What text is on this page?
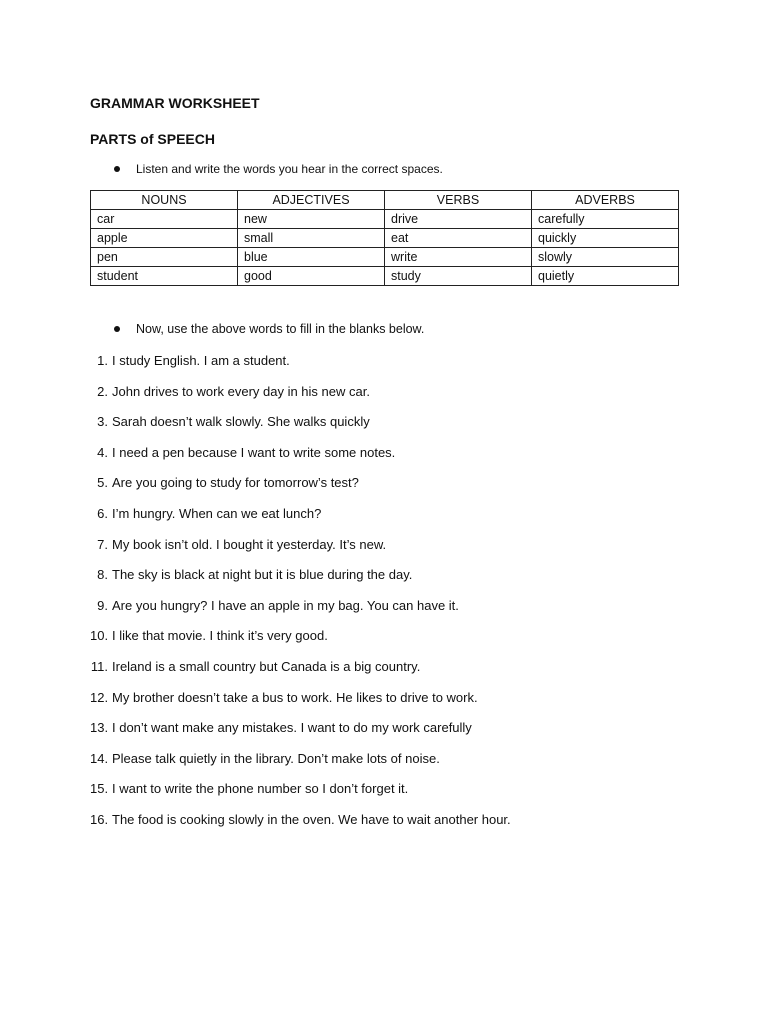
GRAMMAR WORKSHEET
PARTS of SPEECH
Listen and write the words you hear in the correct spaces.
NOUNS	ADJECTIVES	VERBS	ADVERBS
car	new	drive	carefully
apple	small	eat	quickly
pen	blue	write	slowly
student	good	study	quietly
Now, use the above words to fill in the blanks below.
1. I study English. I am a student.
2. John drives to work every day in his new car.
3. Sarah doesn’t walk slowly. She walks quickly
4. I need a pen because I want to write some notes.
5. Are you going to study for tomorrow’s test?
6. I’m hungry. When can we eat lunch?
7. My book isn’t old. I bought it yesterday. It’s new.
8. The sky is black at night but it is blue during the day.
9. Are you hungry? I have an apple in my bag. You can have it.
10. I like that movie. I think it’s very good.
11. Ireland is a small country but Canada is a big country.
12. My brother doesn’t take a bus to work. He likes to drive to work.
13. I don’t want make any mistakes. I want to do my work carefully
14. Please talk quietly in the library. Don’t make lots of noise.
15. I want to write the phone number so I don’t forget it.
16. The food is cooking slowly in the oven. We have to wait another hour.
